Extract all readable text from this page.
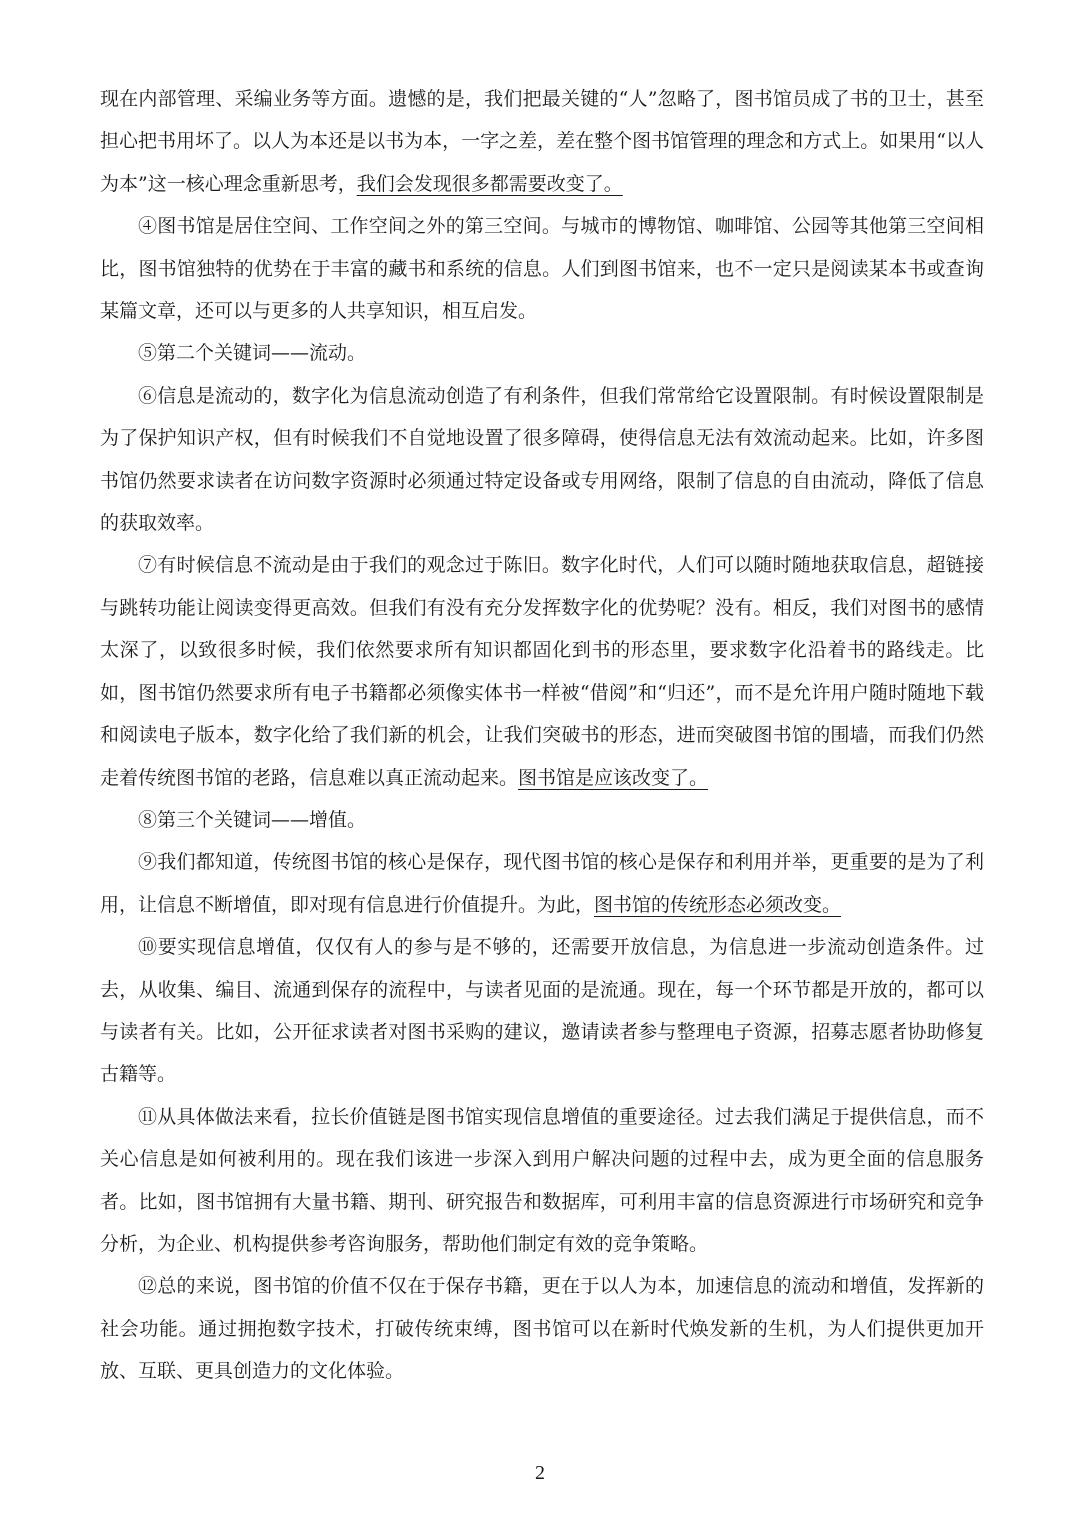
现在内部管理、采编业务等方面。遗憾的是，我们把最关键的“人”忽略了，图书馆员成了书的卫士，甚至担心把书用坏了。以人为本还是以书为本，一字之差，差在整个图书馆管理的理念和方式上。如果用“以人为本”这一核心理念重新思考，我们会发现很多都需要改变了。

④图书馆是居住空间、工作空间之外的第三空间。与城市的博物馆、咖啡馆、公园等其他第三空间相比，图书馆独特的优势在于丰富的藏书和系统的信息。人们到图书馆来，也不一定只是阅读某本书或查询某篇文章，还可以与更多的人共享知识，相互启发。

⑤第二个关键词——流动。

⑥信息是流动的，数字化为信息流动创造了有利条件，但我们常常给它设置限制。有时候设置限制是为了保护知识产权，但有时候我们不自觉地设置了很多障碍，使得信息无法有效流动起来。比如，许多图书馆仍然要求读者在访问数字资源时必须通过特定设备或专用网络，限制了信息的自由流动，降低了信息的获取效率。

⑦有时候信息不流动是由于我们的观念过于陈旧。数字化时代，人们可以随时随地获取信息，超链接与跳转功能让阅读变得更高效。但我们有没有充分发挥数字化的优势呢？没有。相反，我们对图书的感情太深了，以致很多时候，我们依然要求所有知识都固化到书的形态里，要求数字化沿着书的路线走。比如，图书馆仍然要求所有电子书籍都必须像实体书一样被“借阅”和“归还”，而不是允许用户随时随地下载和阅读电子版本，数字化给了我们新的机会，让我们突破书的形态，进而突破图书馆的围墙，而我们仍然走着传统图书馆的老路，信息难以真正流动起来。图书馆是应该改变了。

⑧第三个关键词——增值。

⑨我们都知道，传统图书馆的核心是保存，现代图书馆的核心是保存和利用并举，更重要的是为了利用，让信息不断增值，即对现有信息进行价值提升。为此，图书馆的传统形态必须改变。

⑩要实现信息增值，仅仅有人的参与是不够的，还需要开放信息，为信息进一步流动创造条件。过去，从收集、编目、流通到保存的流程中，与读者见面的是流通。现在，每一个环节都是开放的，都可以与读者有关。比如，公开征求读者对图书采购的建议，邀请读者参与整理电子资源，招募志愿者协助修复古籍等。

⑪从具体做法来看，拉长价值链是图书馆实现信息增值的重要途径。过去我们满足于提供信息，而不关心信息是如何被利用的。现在我们该进一步深入到用户解决问题的过程中去，成为更全面的信息服务者。比如，图书馆拥有大量书籍、期刊、研究报告和数据库，可利用丰富的信息资源进行市场研究和竞争分析，为企业、机构提供参考咨询服务，帮助他们制定有效的竞争策略。

⑫总的来说，图书馆的价值不仅在于保存书籍，更在于以人为本，加速信息的流动和增值，发挥新的社会功能。通过拥抱数字技术，打破传统束缚，图书馆可以在新时代焕发新的生机，为人们提供更加开放、互联、更具创造力的文化体验。

2
